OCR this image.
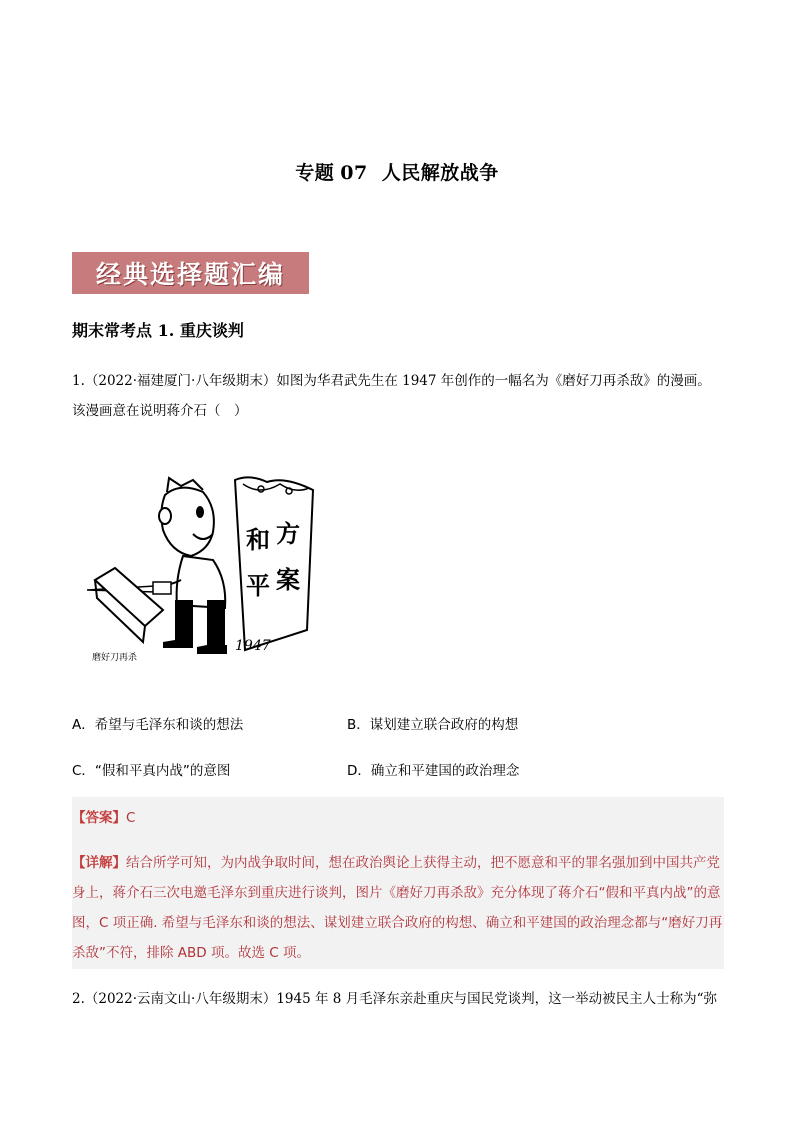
专题 07 人民解放战争
经典选择题汇编
期末常考点 1. 重庆谈判
1.（2022·福建厦门·八年级期末）如图为华君武先生在 1947 年创作的一幅名为《磨好刀再杀敌》的漫画。该漫画意在说明蒋介石（　）
方
和
案
平
1947
磨好刀再杀
A．希望与毛泽东和谈的想法	B．谋划建立联合政府的构想
C．“假和平真内战”的意图	D．确立和平建国的政治理念
【答案】C
【详解】结合所学可知，为内战争取时间，想在政治舆论上获得主动，把不愿意和平的罪名强加到中国共产党身上，蒋介石三次电邀毛泽东到重庆进行谈判，图片《磨好刀再杀敌》充分体现了蒋介石“假和平真内战”的意图，C 项正确. 希望与毛泽东和谈的想法、谋划建立联合政府的构想、确立和平建国的政治理念都与“磨好刀再杀敌”不符，排除 ABD 项。故选 C 项。
2.（2022·云南文山·八年级期末）1945 年 8 月毛泽东亲赴重庆与国民党谈判，这一举动被民主人士称为“弥
